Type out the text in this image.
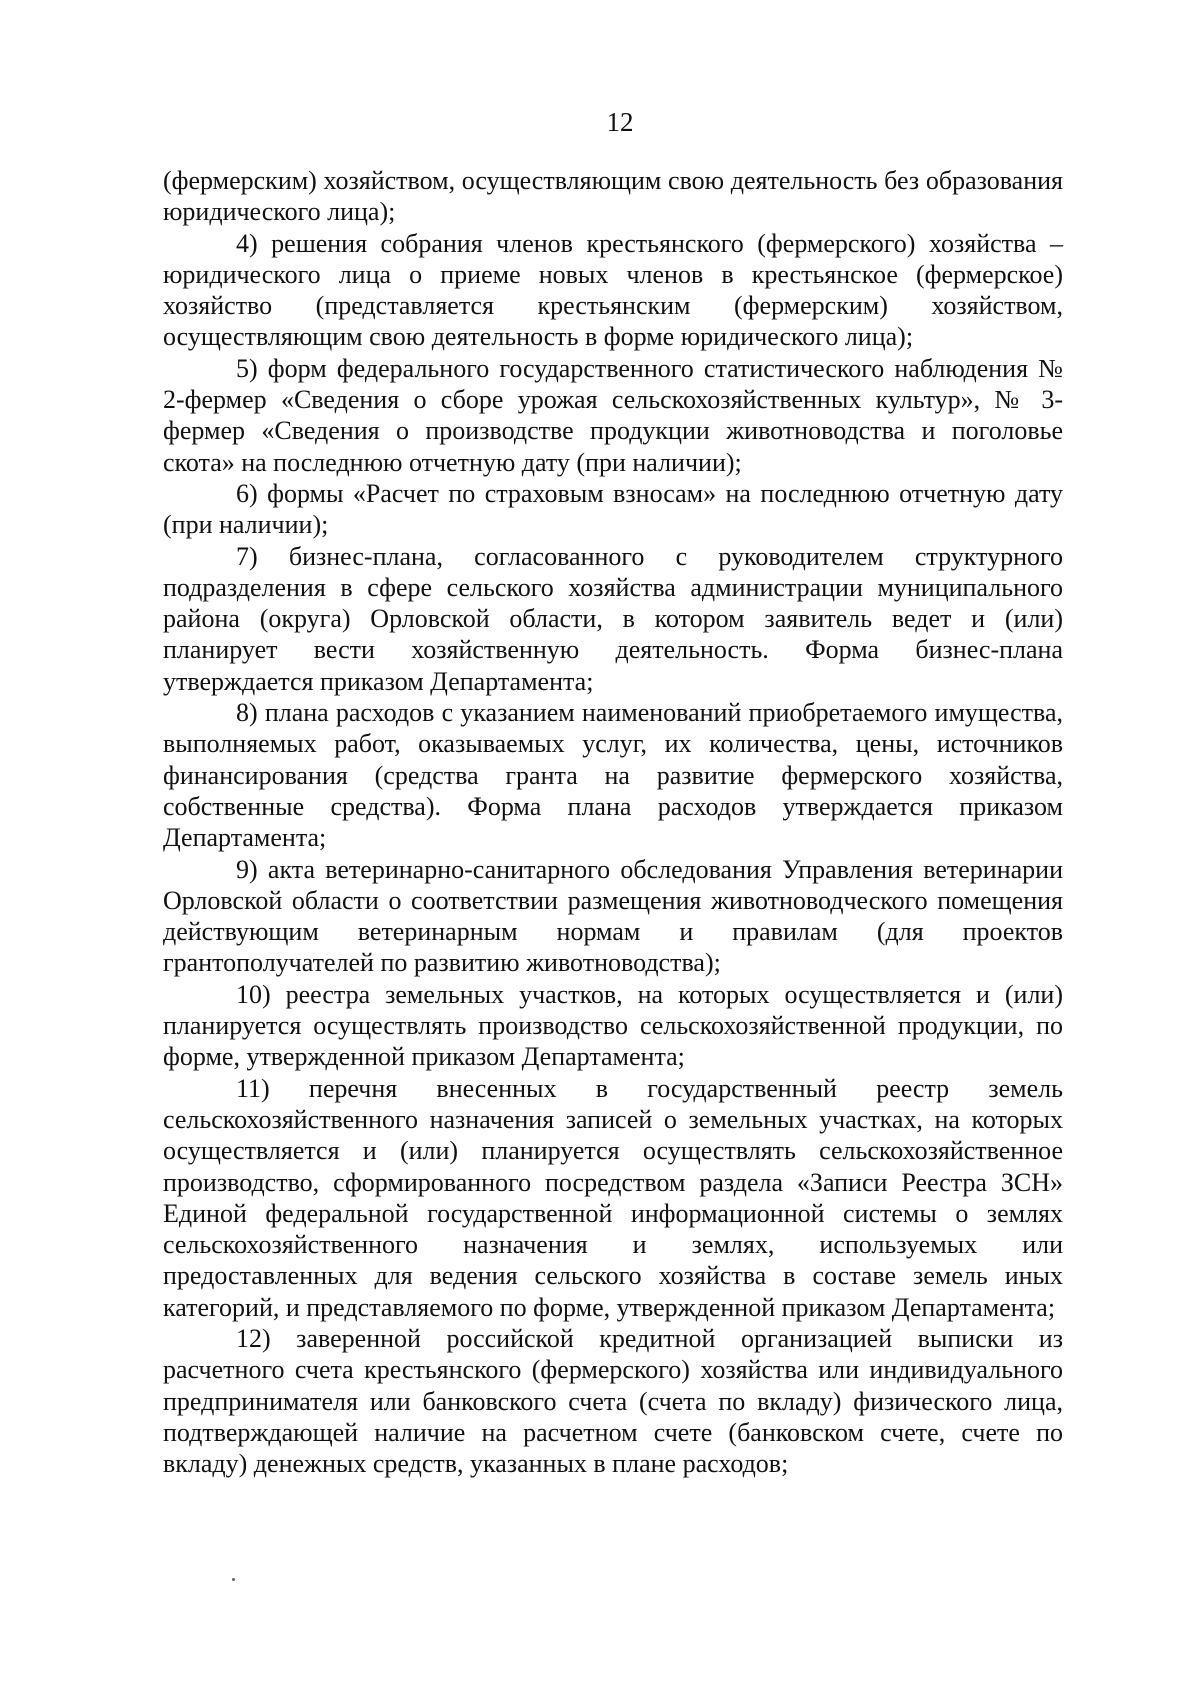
12

(фермерским) хозяйством, осуществляющим свою деятельность без образования юридического лица);

4) решения собрания членов крестьянского (фермерского) хозяйства – юридического лица о приеме новых членов в крестьянское (фермерское) хозяйство (представляется крестьянским (фермерским) хозяйством, осуществляющим свою деятельность в форме юридического лица);

5) форм федерального государственного статистического наблюдения № 2-фермер «Сведения о сборе урожая сельскохозяйственных культур», № 3-фермер «Сведения о производстве продукции животноводства и поголовье скота» на последнюю отчетную дату (при наличии);

6) формы «Расчет по страховым взносам» на последнюю отчетную дату (при наличии);

7) бизнес-плана, согласованного с руководителем структурного подразделения в сфере сельского хозяйства администрации муниципального района (округа) Орловской области, в котором заявитель ведет и (или) планирует вести хозяйственную деятельность. Форма бизнес-плана утверждается приказом Департамента;

8) плана расходов с указанием наименований приобретаемого имущества, выполняемых работ, оказываемых услуг, их количества, цены, источников финансирования (средства гранта на развитие фермерского хозяйства, собственные средства). Форма плана расходов утверждается приказом Департамента;

9) акта ветеринарно-санитарного обследования Управления ветеринарии Орловской области о соответствии размещения животноводческого помещения действующим ветеринарным нормам и правилам (для проектов грантополучателей по развитию животноводства);

10) реестра земельных участков, на которых осуществляется и (или) планируется осуществлять производство сельскохозяйственной продукции, по форме, утвержденной приказом Департамента;

11) перечня внесенных в государственный реестр земель сельскохозяйственного назначения записей о земельных участках, на которых осуществляется и (или) планируется осуществлять сельскохозяйственное производство, сформированного посредством раздела «Записи Реестра ЗСН» Единой федеральной государственной информационной системы о землях сельскохозяйственного назначения и землях, используемых или предоставленных для ведения сельского хозяйства в составе земель иных категорий, и представляемого по форме, утвержденной приказом Департамента;

12) заверенной российской кредитной организацией выписки из расчетного счета крестьянского (фермерского) хозяйства или индивидуального предпринимателя или банковского счета (счета по вкладу) физического лица, подтверждающей наличие на расчетном счете (банковском счете, счете по вкладу) денежных средств, указанных в плане расходов;
